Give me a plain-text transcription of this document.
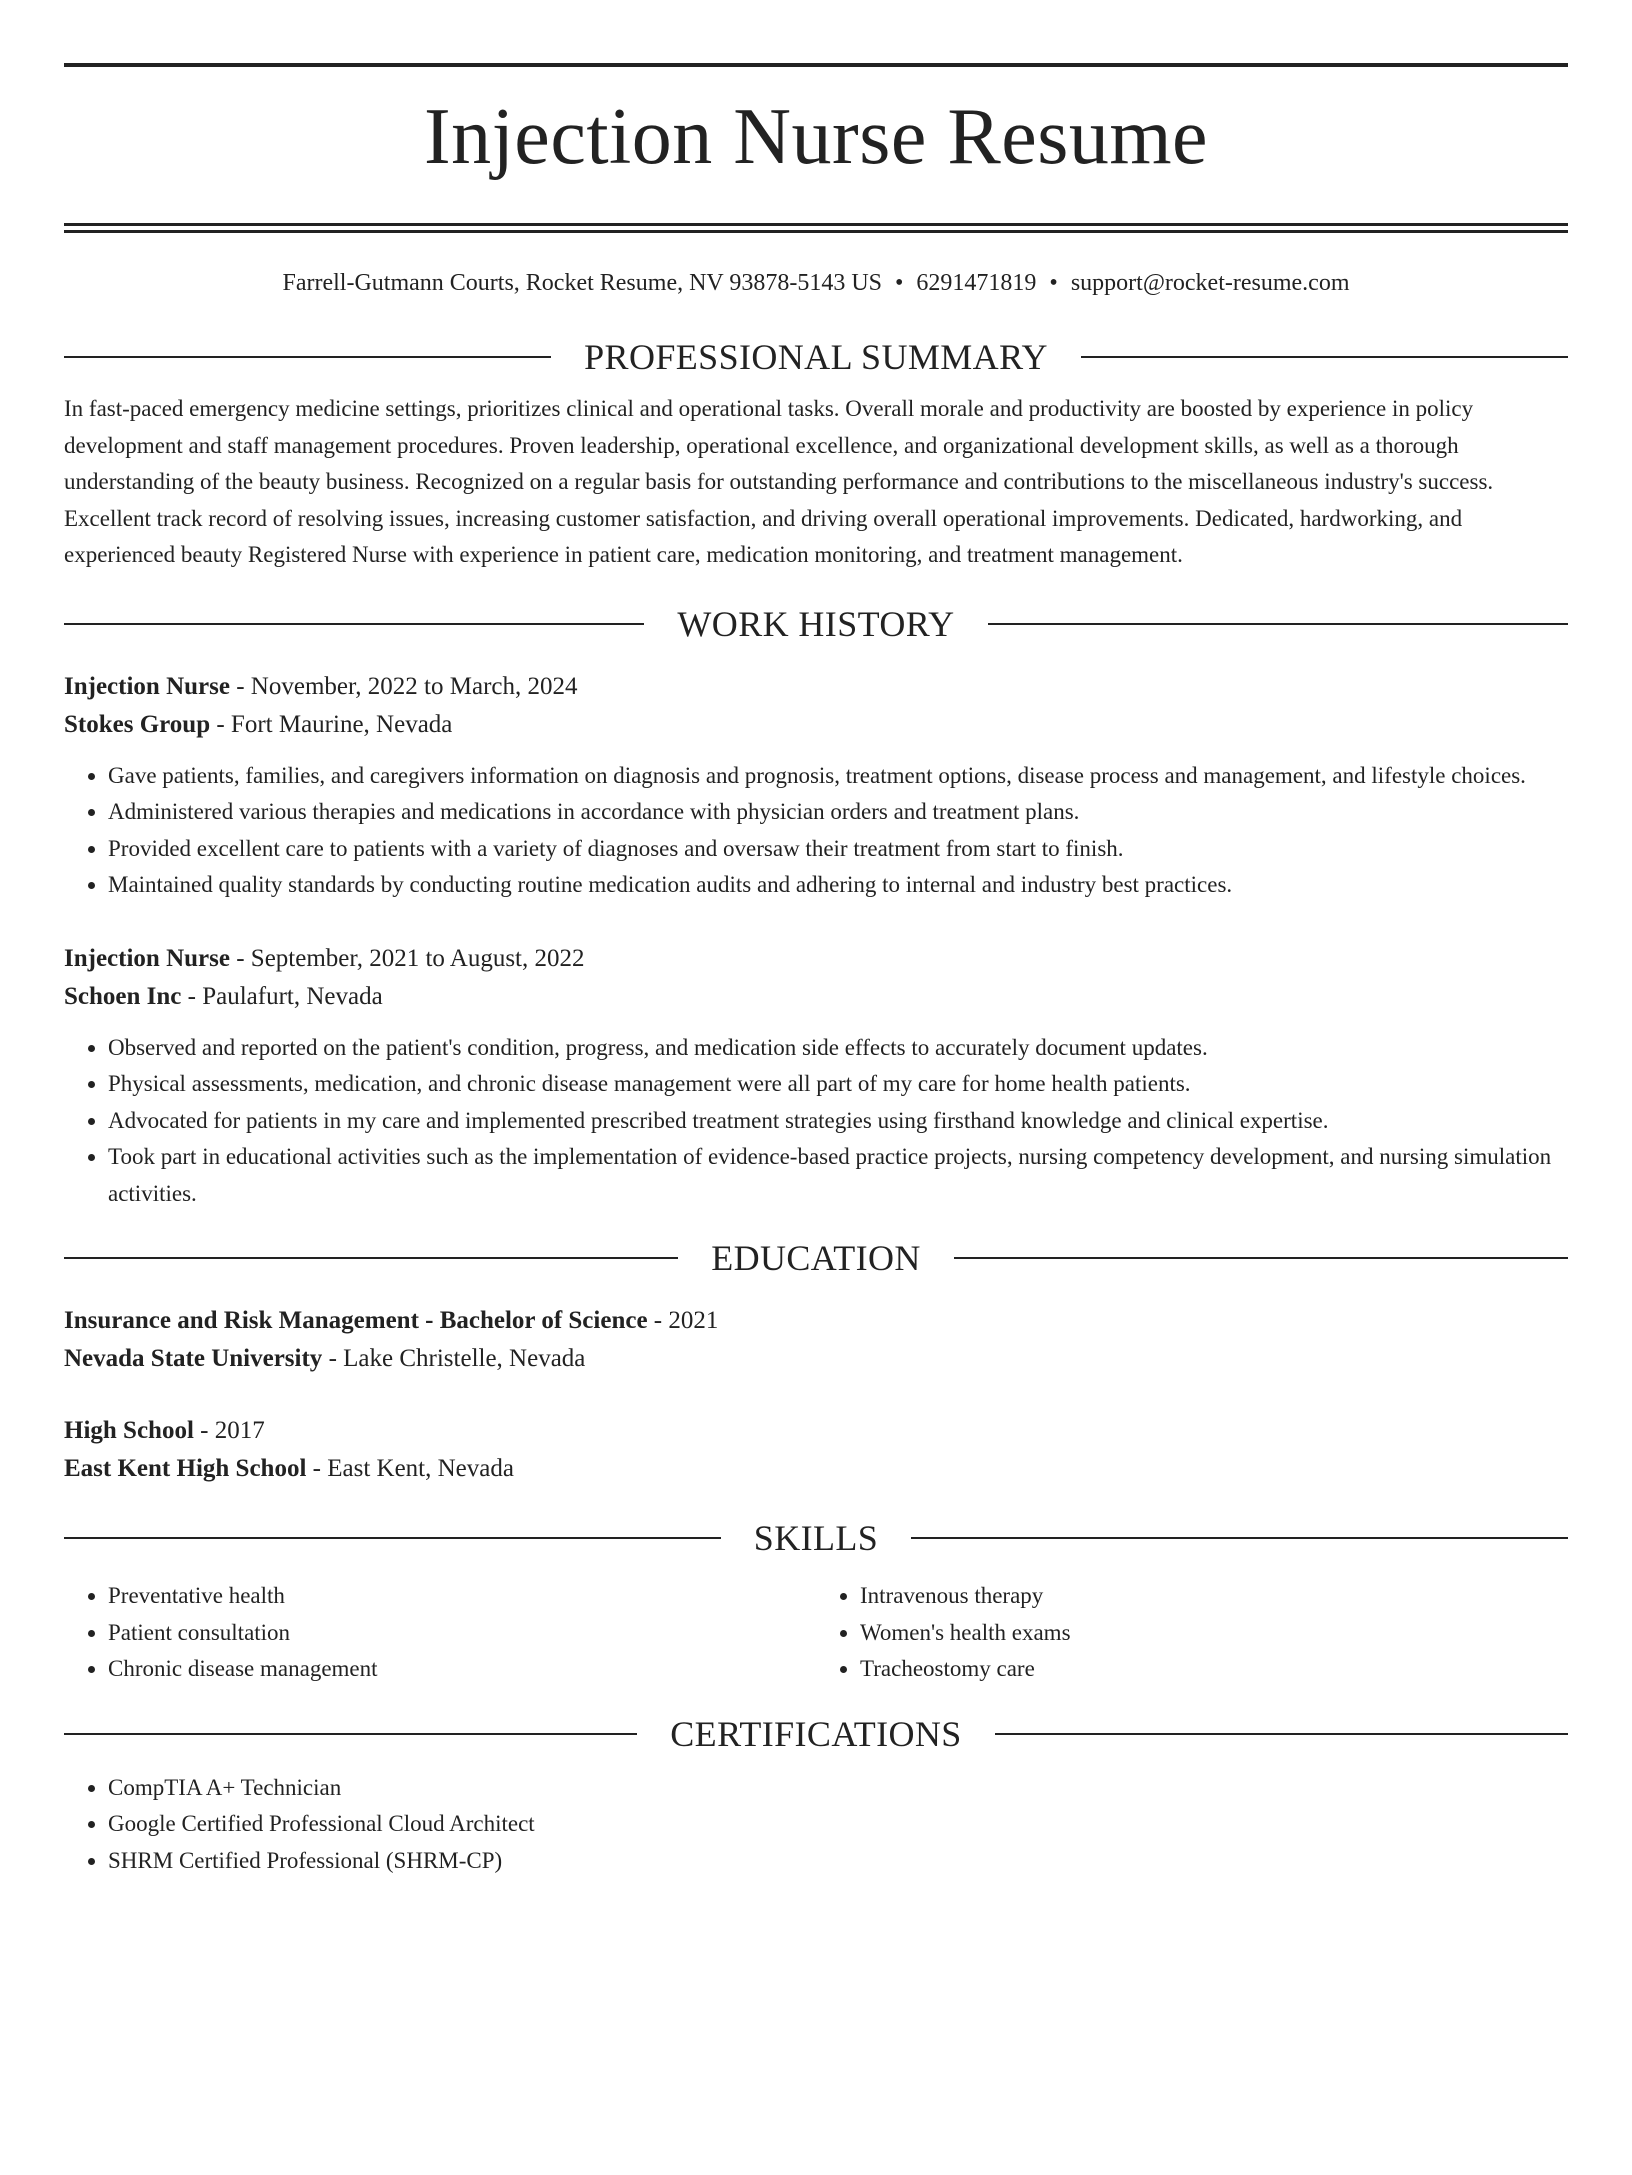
Injection Nurse Resume
Farrell-Gutmann Courts, Rocket Resume, NV 93878-5143 US • 6291471819 • support@rocket-resume.com
PROFESSIONAL SUMMARY

In fast-paced emergency medicine settings, prioritizes clinical and operational tasks. Overall morale and productivity are boosted by experience in policy development and staff management procedures. Proven leadership, operational excellence, and organizational development skills, as well as a thorough understanding of the beauty business. Recognized on a regular basis for outstanding performance and contributions to the miscellaneous industry's success. Excellent track record of resolving issues, increasing customer satisfaction, and driving overall operational improvements. Dedicated, hardworking, and experienced beauty Registered Nurse with experience in patient care, medication monitoring, and treatment management.

WORK HISTORY
Injection Nurse - November, 2022 to March, 2024
Stokes Group - Fort Maurine, Nevada
• Gave patients, families, and caregivers information on diagnosis and prognosis, treatment options, disease process and management, and lifestyle choices.
• Administered various therapies and medications in accordance with physician orders and treatment plans.
• Provided excellent care to patients with a variety of diagnoses and oversaw their treatment from start to finish.
• Maintained quality standards by conducting routine medication audits and adhering to internal and industry best practices.
Injection Nurse - September, 2021 to August, 2022
Schoen Inc - Paulafurt, Nevada
• Observed and reported on the patient's condition, progress, and medication side effects to accurately document updates.
• Physical assessments, medication, and chronic disease management were all part of my care for home health patients.
• Advocated for patients in my care and implemented prescribed treatment strategies using firsthand knowledge and clinical expertise.
• Took part in educational activities such as the implementation of evidence-based practice projects, nursing competency development, and nursing simulation activities.
EDUCATION
Insurance and Risk Management - Bachelor of Science - 2021
Nevada State University - Lake Christelle, Nevada
High School - 2017
East Kent High School - East Kent, Nevada
SKILLS
• Preventative health
• Patient consultation
• Chronic disease management
• Intravenous therapy
• Women's health exams
• Tracheostomy care
CERTIFICATIONS
• CompTIA A+ Technician
• Google Certified Professional Cloud Architect
• SHRM Certified Professional (SHRM-CP)
